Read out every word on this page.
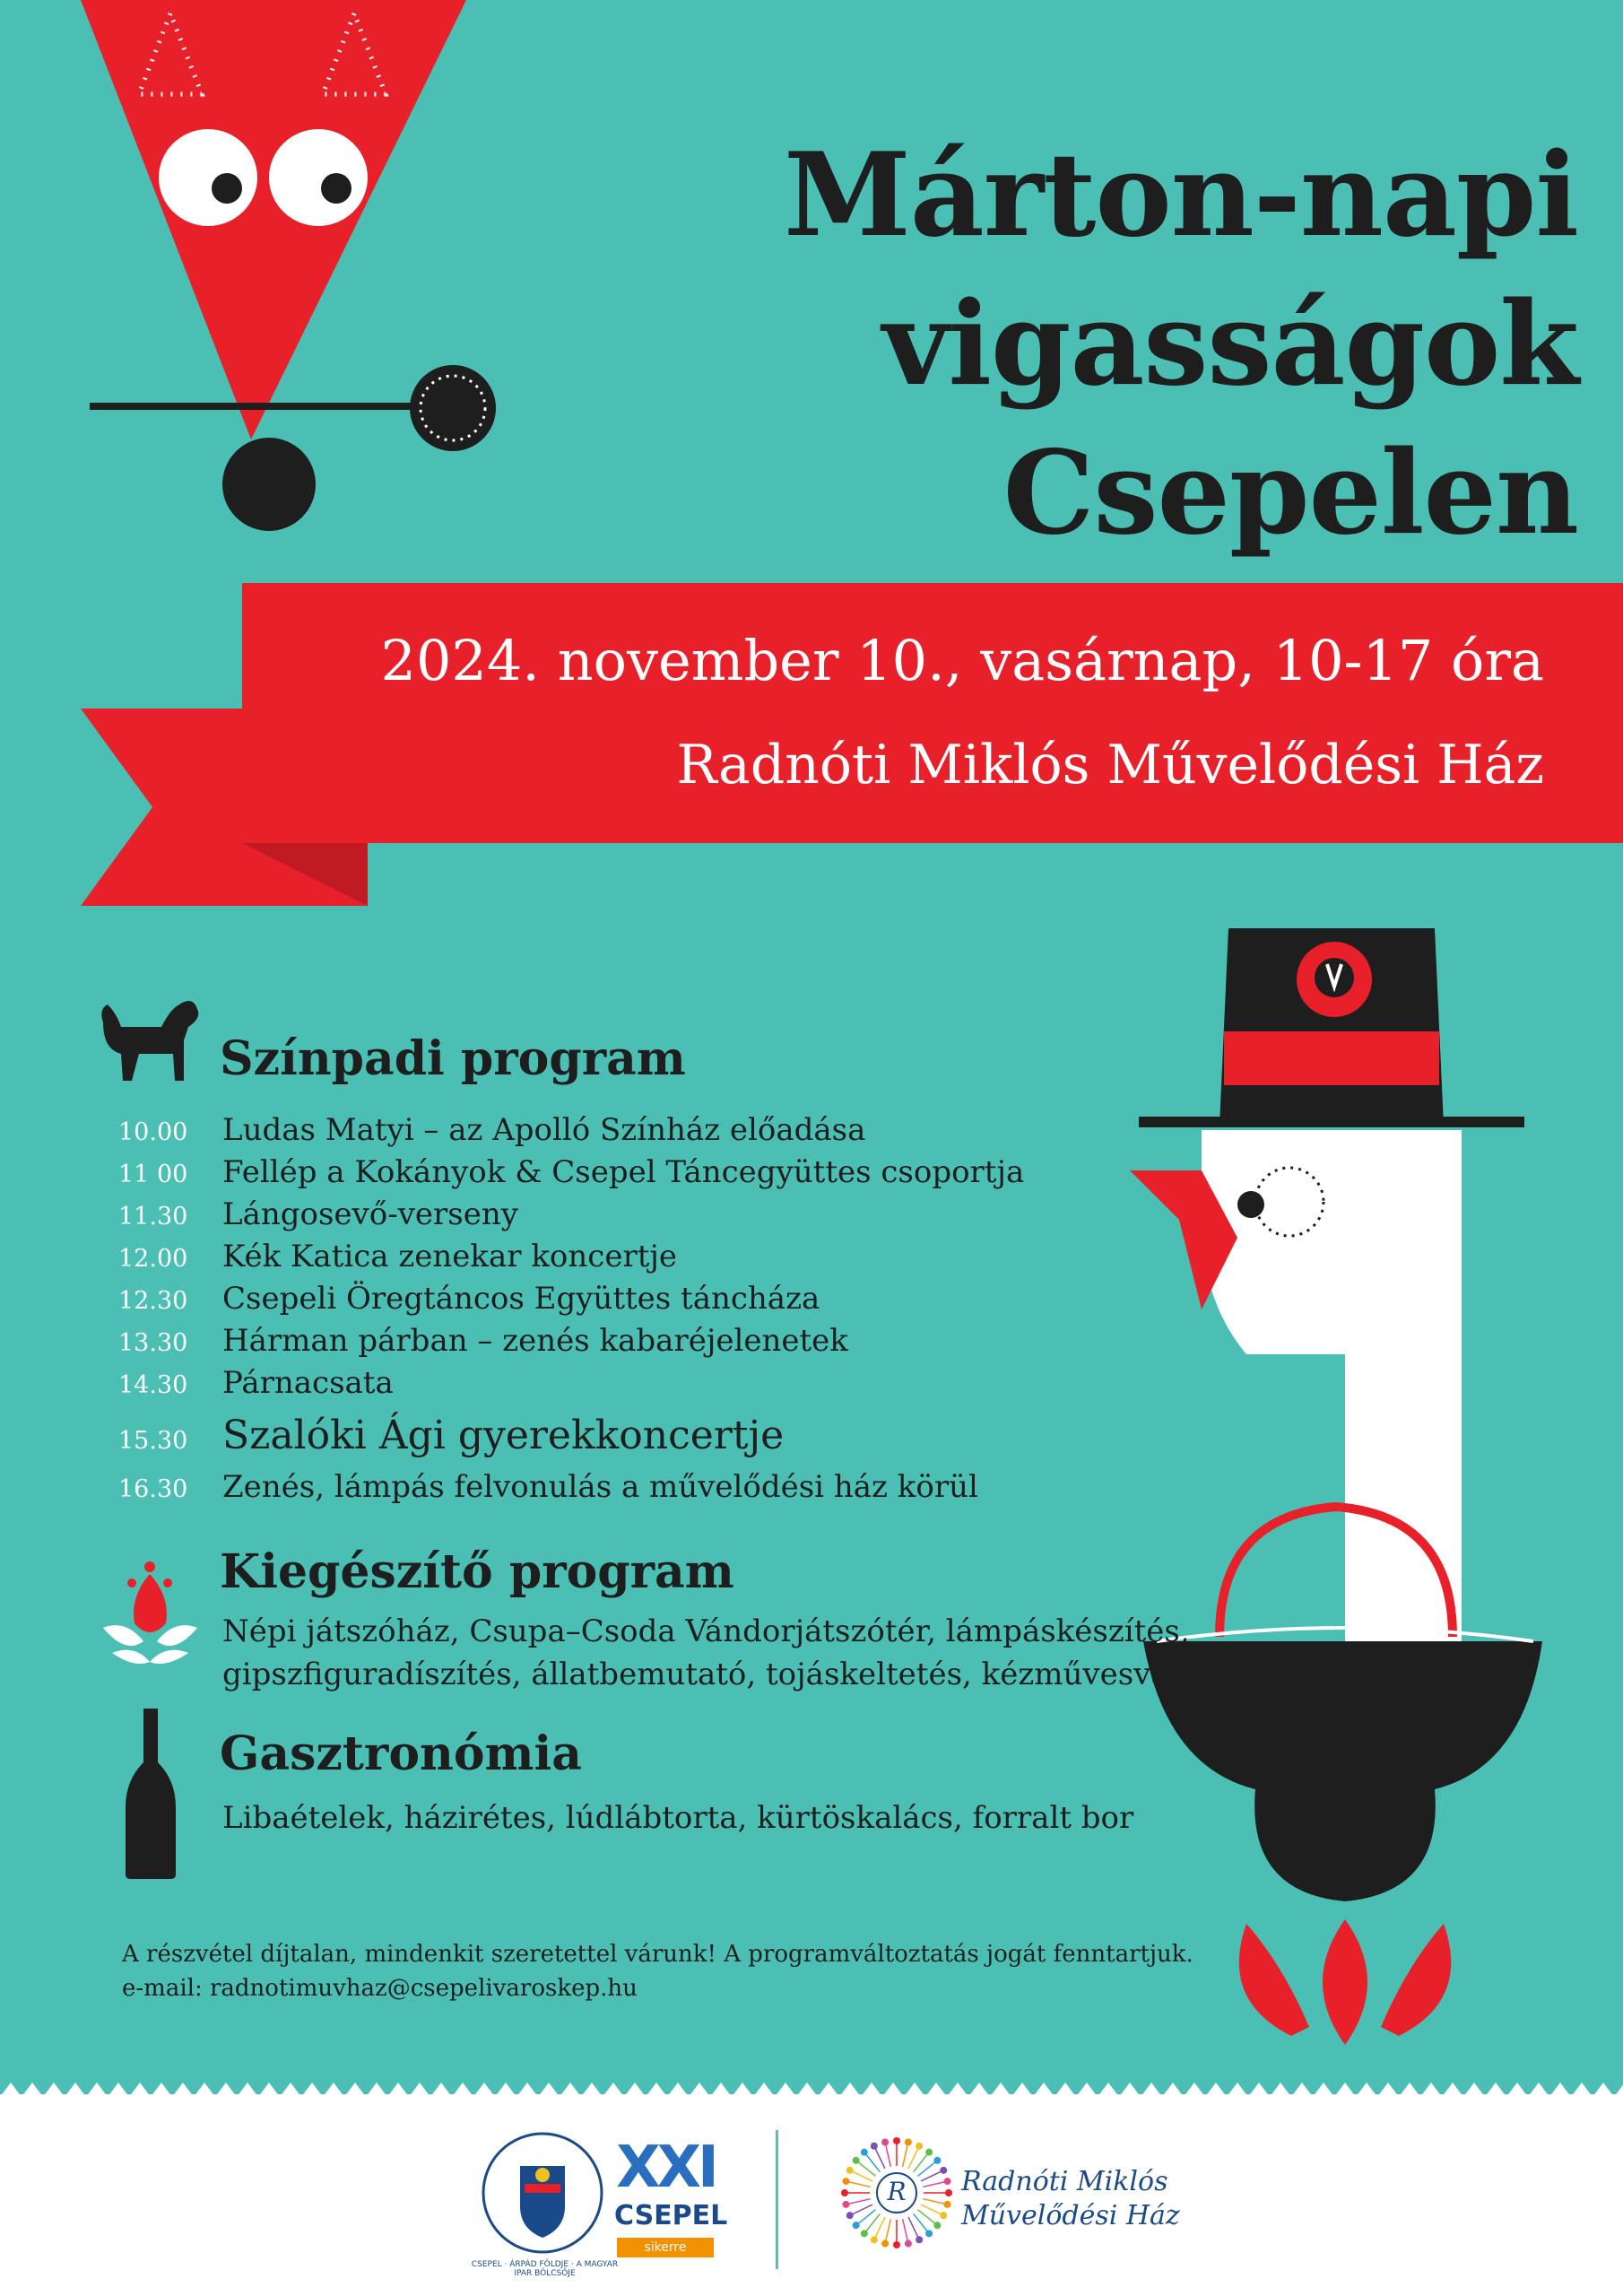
Márton-napi
vigasságok
Csepelen
2024. november 10., vasárnap, 10-17 óra
Radnóti Miklós Művelődési Ház
Színpadi program
10.00 Ludas Matyi – az Apolló Színház előadása
11 00 Fellép a Kokányok & Csepel Táncegyüttes csoportja
11.30 Lángosevő-verseny
12.00 Kék Katica zenekar koncertje
12.30 Csepeli Öregtáncos Együttes táncháza
13.30 Hárman párban – zenés kabaréjelenetek
14.30 Párnacsata
15.30 Szalóki Ági gyerekkoncertje
16.30 Zenés, lámpás felvonulás a művelődési ház körül
Kiegészítő program
Népi játszóház, Csupa–Csoda Vándorjátszótér, lámpáskészítés,
gipszfiguradíszítés, állatbemutató, tojáskeltetés, kézművesvásár
Gasztronómia
Libaételek, házirétes, lúdlábtorta, kürtöskalács, forralt bor
A részvétel díjtalan, mindenkit szeretettel várunk! A programváltoztatás jogát fenntartjuk.
e-mail: radnotimuvhaz@csepelivaroskep.hu
CSEPEL · ÁRPÁD FÖLDJE · A MAGYAR IPAR BÖLCSŐJE
XXI
CSEPEL
sikerre hangolva
R Radnóti Miklós
Művelődési Ház
